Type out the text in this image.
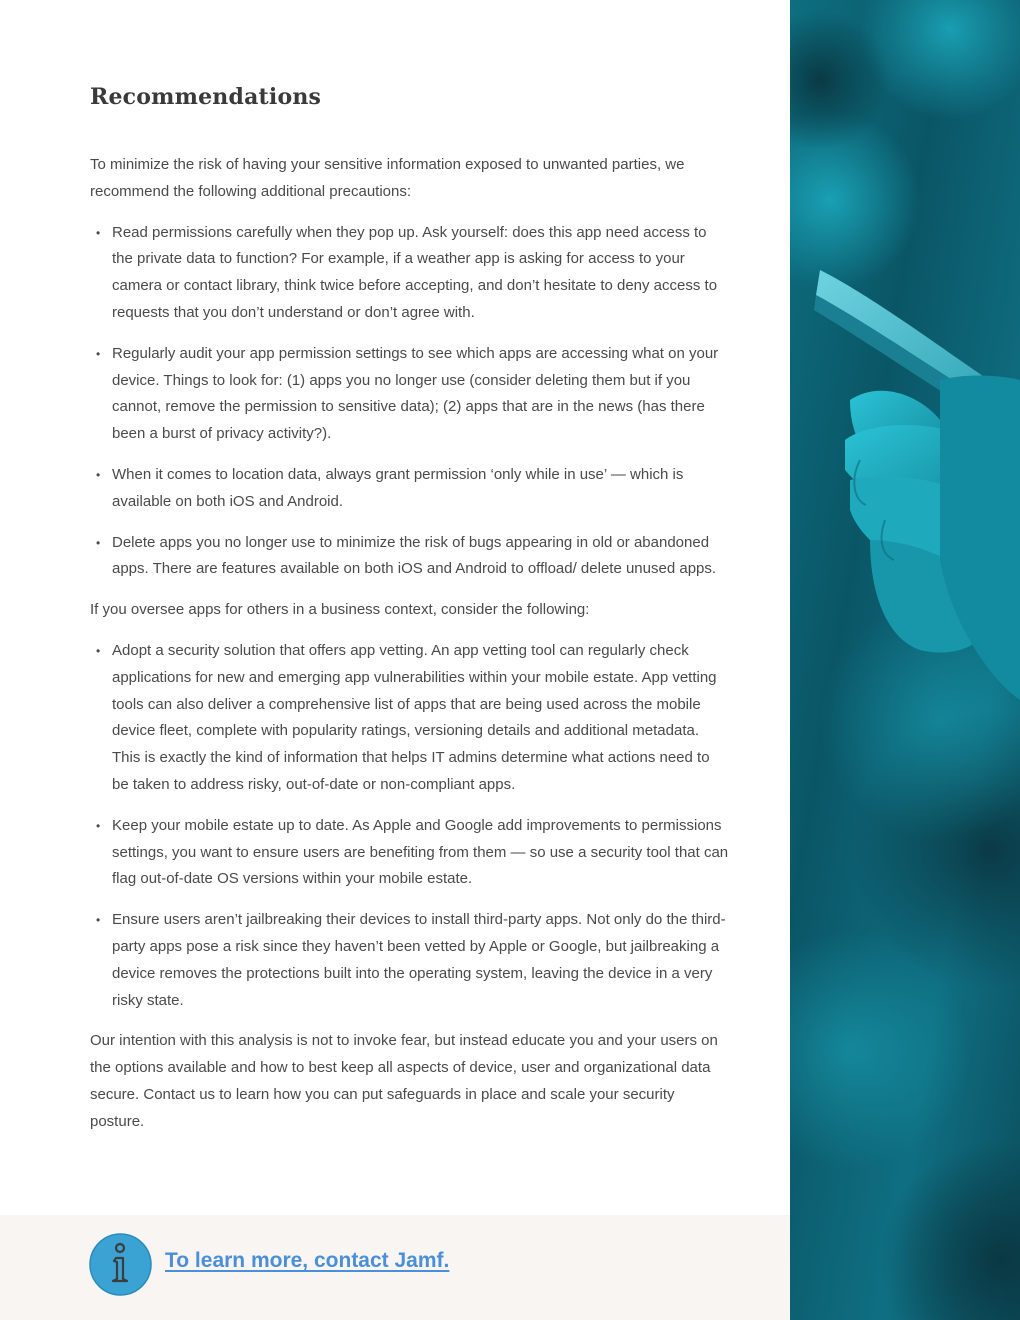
Recommendations

To minimize the risk of having your sensitive information exposed to unwanted parties, we recommend the following additional precautions:

• Read permissions carefully when they pop up. Ask yourself: does this app need access to the private data to function? For example, if a weather app is asking for access to your camera or contact library, think twice before accepting, and don’t hesitate to deny access to requests that you don’t understand or don’t agree with.
• Regularly audit your app permission settings to see which apps are accessing what on your device. Things to look for: (1) apps you no longer use (consider deleting them but if you cannot, remove the permission to sensitive data); (2) apps that are in the news (has there been a burst of privacy activity?).
• When it comes to location data, always grant permission ‘only while in use’ — which is available on both iOS and Android.
• Delete apps you no longer use to minimize the risk of bugs appearing in old or abandoned apps. There are features available on both iOS and Android to offload/ delete unused apps.

If you oversee apps for others in a business context, consider the following:

• Adopt a security solution that offers app vetting. An app vetting tool can regularly check applications for new and emerging app vulnerabilities within your mobile estate. App vetting tools can also deliver a comprehensive list of apps that are being used across the mobile device fleet, complete with popularity ratings, versioning details and additional metadata. This is exactly the kind of information that helps IT admins determine what actions need to be taken to address risky, out-of-date or non-compliant apps.
• Keep your mobile estate up to date. As Apple and Google add improvements to permissions settings, you want to ensure users are benefiting from them — so use a security tool that can flag out-of-date OS versions within your mobile estate.
• Ensure users aren’t jailbreaking their devices to install third-party apps. Not only do the third-party apps pose a risk since they haven’t been vetted by Apple or Google, but jailbreaking a device removes the protections built into the operating system, leaving the device in a very risky state.

Our intention with this analysis is not to invoke fear, but instead educate you and your users on the options available and how to best keep all aspects of device, user and organizational data secure. Contact us to learn how you can put safeguards in place and scale your security posture.

To learn more, contact Jamf.
